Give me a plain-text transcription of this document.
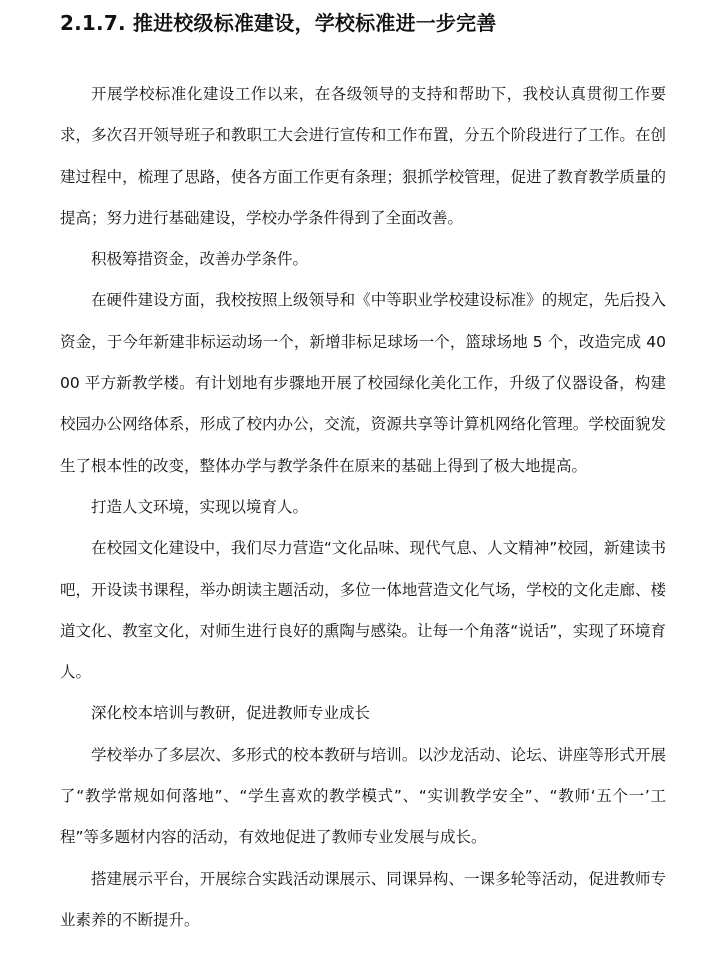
2.1.7. 推进校级标准建设，学校标准进一步完善

开展学校标准化建设工作以来，在各级领导的支持和帮助下，我校认真贯彻工作要求，多次召开领导班子和教职工大会进行宣传和工作布置，分五个阶段进行了工作。在创建过程中，梳理了思路，使各方面工作更有条理；狠抓学校管理，促进了教育教学质量的提高；努力进行基础建设，学校办学条件得到了全面改善。

积极筹措资金，改善办学条件。

在硬件建设方面，我校按照上级领导和《中等职业学校建设标准》的规定，先后投入资金，于今年新建非标运动场一个，新增非标足球场一个，篮球场地 5 个，改造完成 4000 平方新教学楼。有计划地有步骤地开展了校园绿化美化工作，升级了仪器设备，构建校园办公网络体系，形成了校内办公，交流，资源共享等计算机网络化管理。学校面貌发生了根本性的改变，整体办学与教学条件在原来的基础上得到了极大地提高。

打造人文环境，实现以境育人。

在校园文化建设中，我们尽力营造“文化品味、现代气息、人文精神”校园，新建读书吧，开设读书课程，举办朗读主题活动，多位一体地营造文化气场，学校的文化走廊、楼道文化、教室文化，对师生进行良好的熏陶与感染。让每一个角落“说话”，实现了环境育人。

深化校本培训与教研，促进教师专业成长

学校举办了多层次、多形式的校本教研与培训。以沙龙活动、论坛、讲座等形式开展了“教学常规如何落地”、“学生喜欢的教学模式”、“实训教学安全”、“教师‘五个一’工程”等多题材内容的活动，有效地促进了教师专业发展与成长。

搭建展示平台，开展综合实践活动课展示、同课异构、一课多轮等活动，促进教师专业素养的不断提升。
